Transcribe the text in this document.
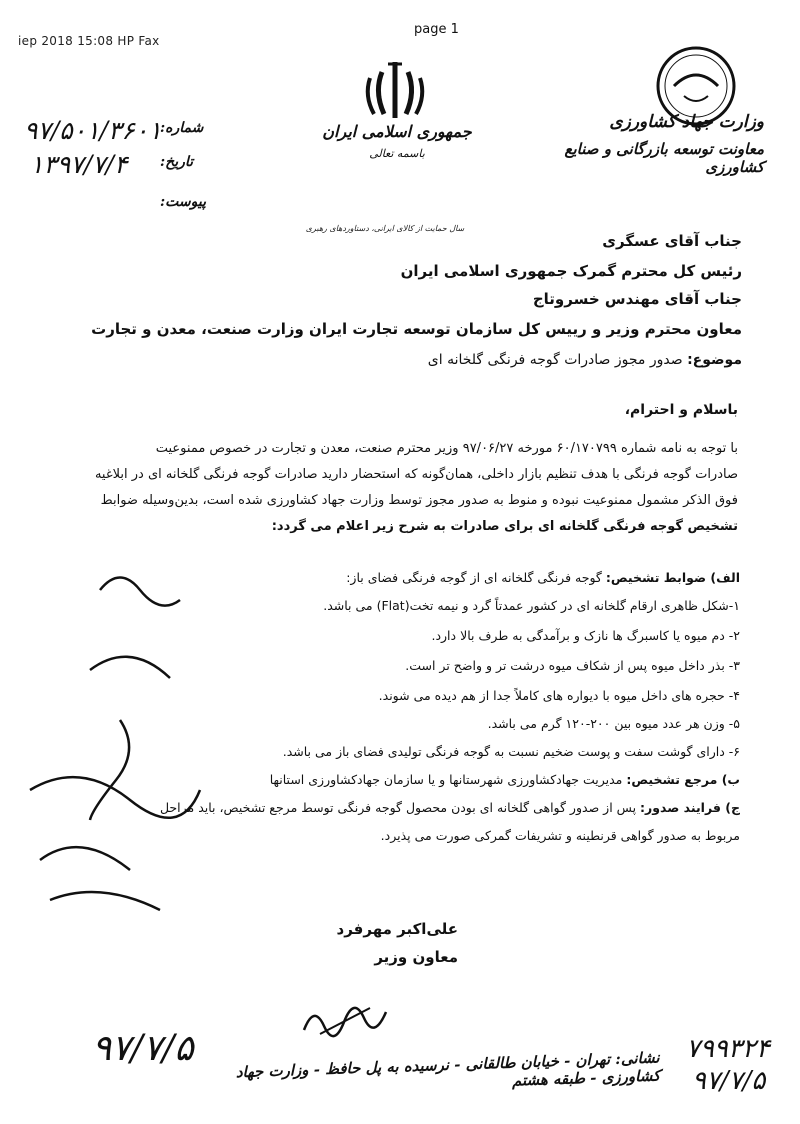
iep 2018 15:08 HP Fax
page 1
وزارت جهاد کشاورزی
معاونت توسعه بازرگانی و صنایع کشاورزی
جمهوری اسلامی ایران
باسمه تعالی
سال حمایت از کالای ایرانی، دستاوردهای رهبری
شماره:
تاریخ:
پیوست:
۹۷/۵۰۱/۳۶۰۱
۱۳۹۷/۷/۴
جناب آقای عسگری
رئیس کل محترم گمرک جمهوری اسلامی ایران
جناب آقای مهندس خسروتاج
معاون محترم وزیر و رییس کل سازمان توسعه تجارت ایران وزارت صنعت، معدن و تجارت
موضوع: صدور مجوز صادرات گوجه فرنگی گلخانه ای
باسلام و احترام،
با توجه به نامه شماره ۶۰/۱۷۰۷۹۹ مورخه ۹۷/۰۶/۲۷ وزیر محترم صنعت، معدن و تجارت در خصوص ممنوعیت
صادرات گوجه فرنگی با هدف تنظیم بازار داخلی، همان‌گونه که استحضار دارید صادرات گوجه فرنگی گلخانه ای در ابلاغیه
فوق الذکر مشمول ممنوعیت نبوده و منوط به صدور مجوز توسط وزارت جهاد کشاورزی شده است، بدین‌وسیله ضوابط
تشخیص گوجه فرنگی گلخانه ای برای صادرات به شرح زیر اعلام می گردد:
الف) ضوابط تشخیص: گوجه فرنگی گلخانه ای از گوجه فرنگی فضای باز:
۱-شکل ظاهری ارقام گلخانه ای در کشور عمدتاً گرد و نیمه تخت(Flat) می باشد.
۲- دم میوه یا کاسبرگ ها نازک و برآمدگی به طرف بالا دارد.
۳- بذر داخل میوه پس از شکاف میوه درشت تر و واضح تر است.
۴- حجره های داخل میوه با دیواره های کاملاً جدا از هم دیده می شوند.
۵- وزن هر عدد میوه بین ۲۰۰-۱۲۰ گرم می باشد.
۶- دارای گوشت سفت و پوست ضخیم نسبت به گوجه فرنگی تولیدی فضای باز می باشد.
ب) مرجع تشخیص: مدیریت جهادکشاورزی شهرستانها و یا سازمان جهادکشاورزی استانها
ج) فرایند صدور: پس از صدور گواهی گلخانه ای بودن محصول گوجه فرنگی توسط مرجع تشخیص، باید مراحل
مربوط به صدور گواهی قرنطینه و تشریفات گمرکی صورت می پذیرد.
علی‌اکبر مهرفرد
معاون وزیر
۹۷/۷/۵	۷۹۹۳۲۴
۹۷/۷/۵
نشانی: تهران - خیابان طالقانی - نرسیده به پل حافظ - وزارت جهاد کشاورزی - طبقه هشتم
